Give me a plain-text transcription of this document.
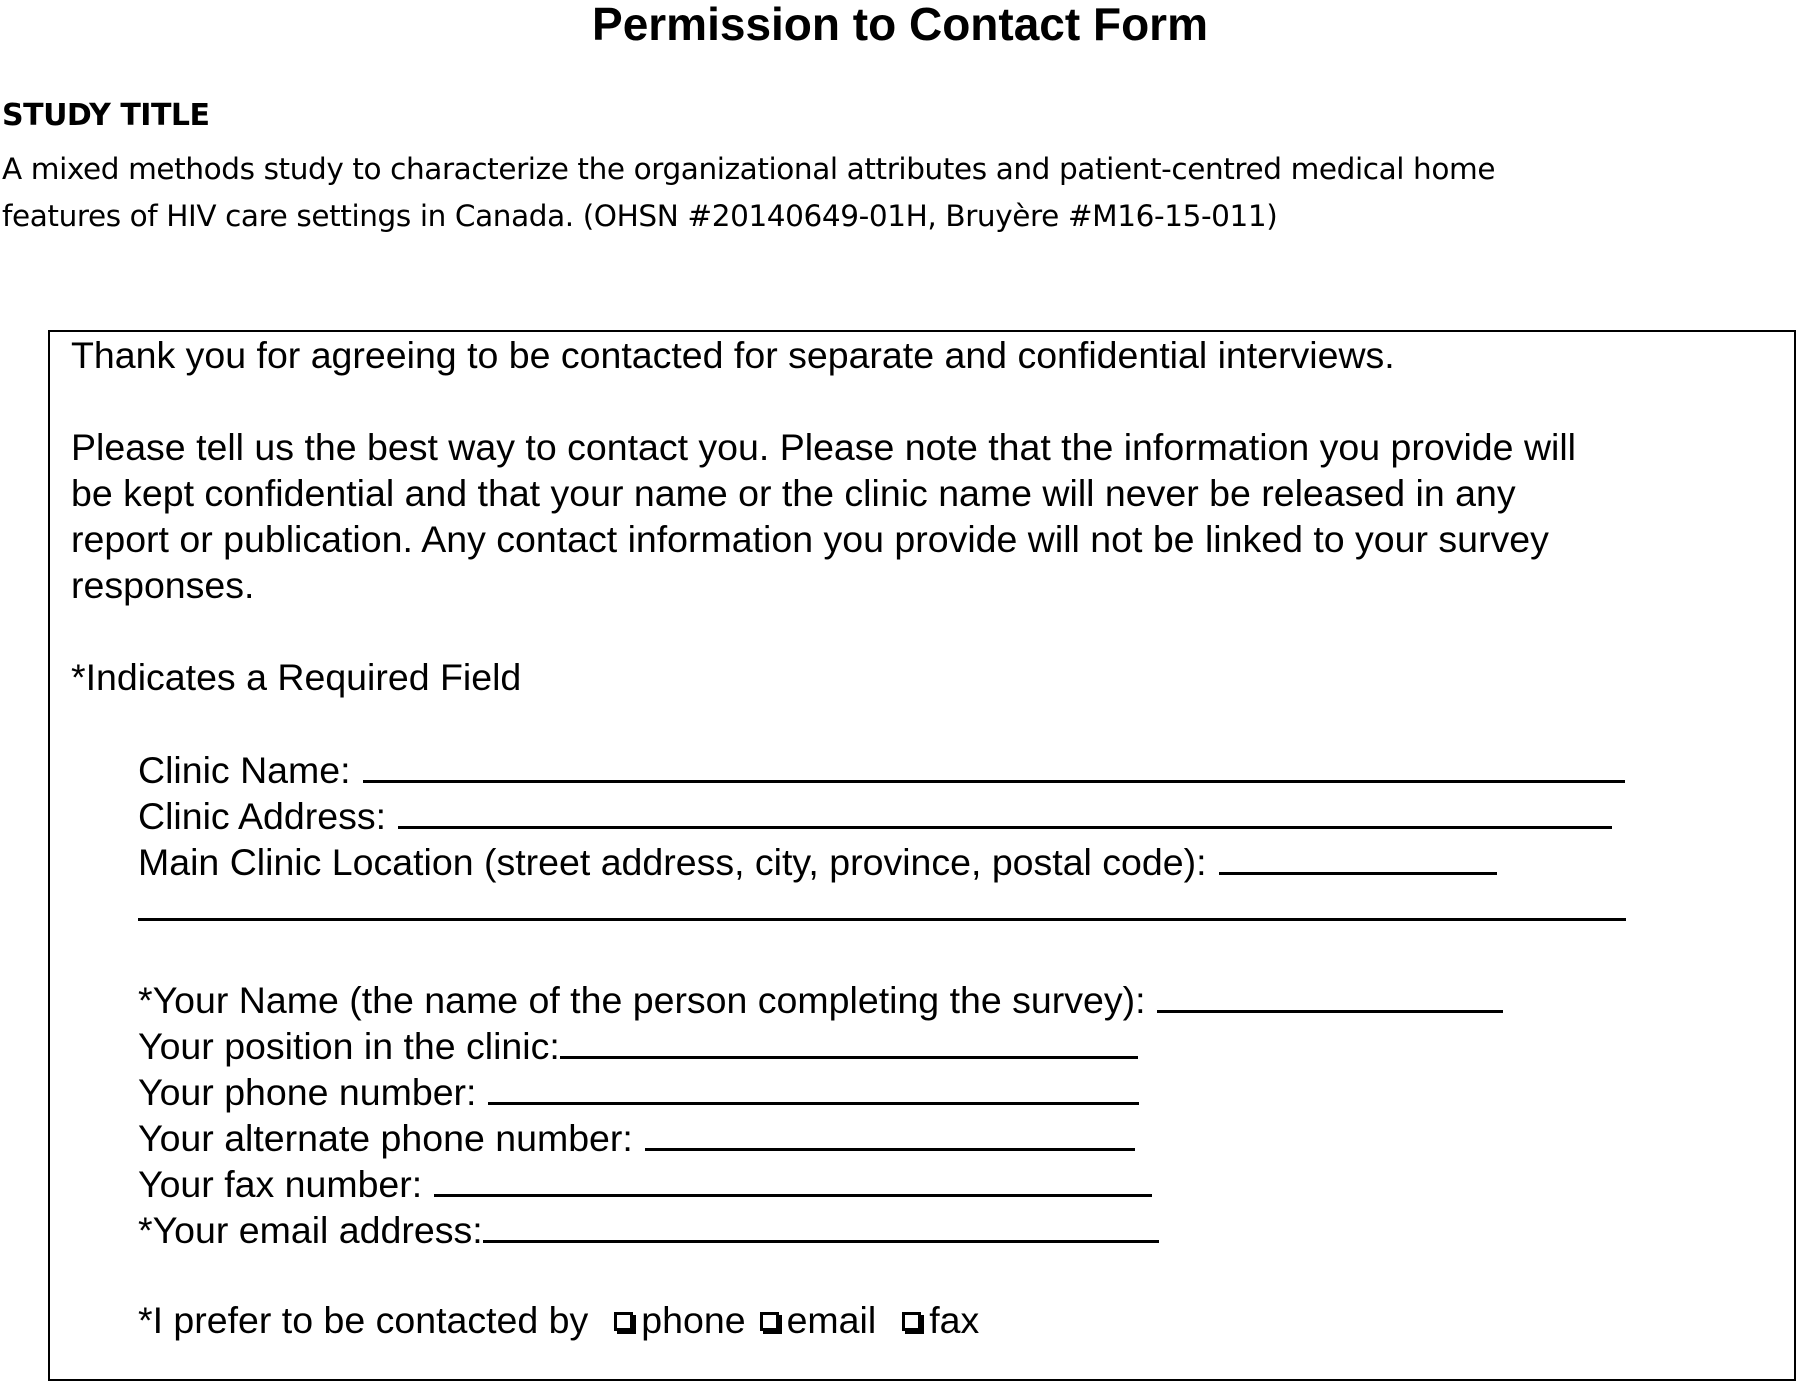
Permission to Contact Form
STUDY TITLE
A mixed methods study to characterize the organizational attributes and patient-centred medical home
features of HIV care settings in Canada. (OHSN #20140649-01H, Bruyère #M16-15-011)
Thank you for agreeing to be contacted for separate and confidential interviews.
Please tell us the best way to contact you. Please note that the information you provide will
be kept confidential and that your name or the clinic name will never be released in any
report or publication. Any contact information you provide will not be linked to your survey
responses.
*Indicates a Required Field
Clinic Name:
Clinic Address:
Main Clinic Location (street address, city, province, postal code):
*Your Name (the name of the person completing the survey):
Your position in the clinic:
Your phone number:
Your alternate phone number:
Your fax number:
*Your email address:
*I prefer to be contacted by phone email fax
